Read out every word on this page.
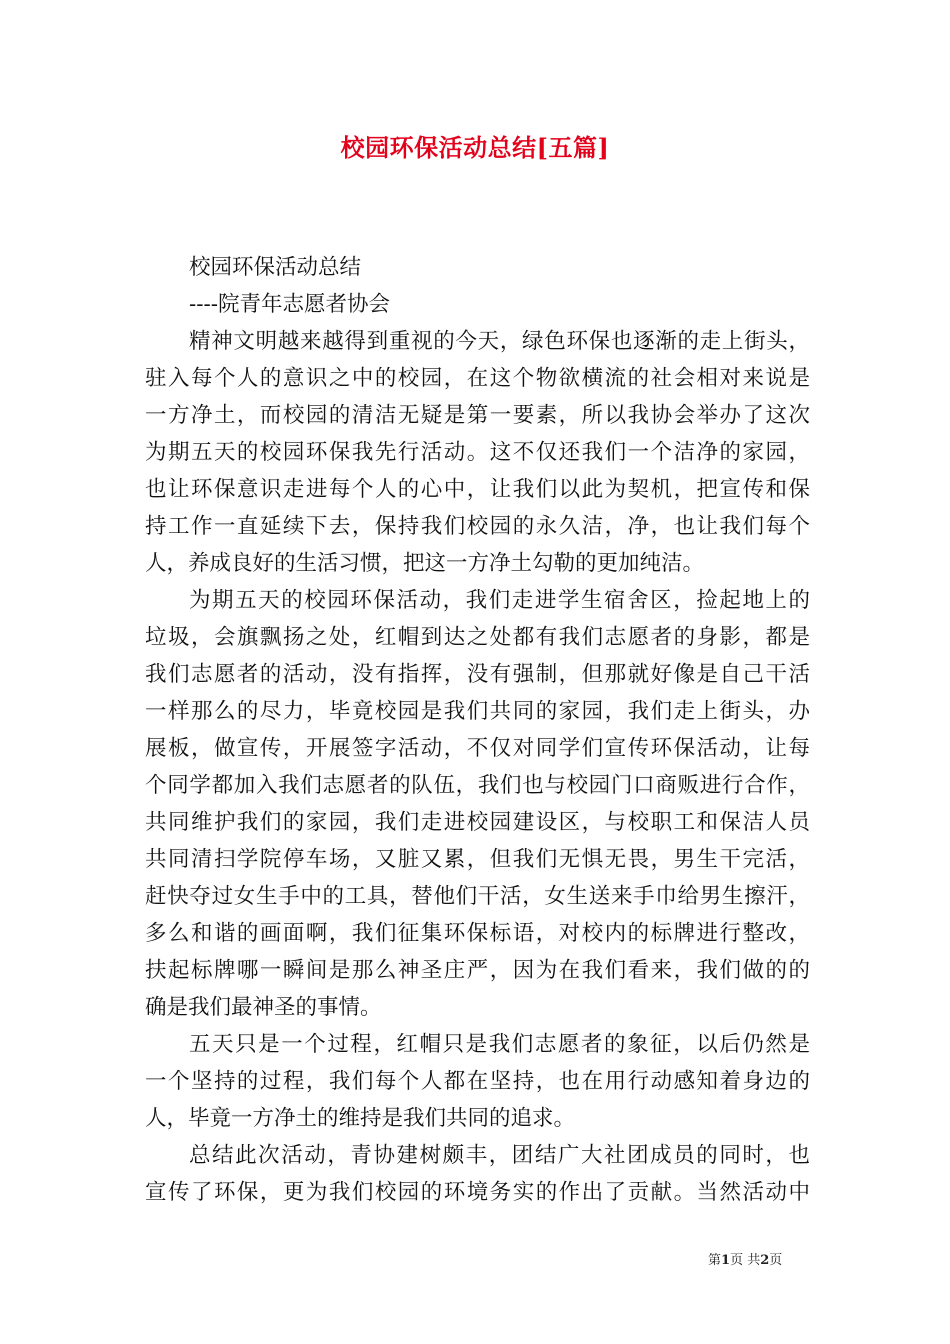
校园环保活动总结[五篇]
校园环保活动总结
----院青年志愿者协会
精神文明越来越得到重视的今天，绿色环保也逐渐的走上街头，
驻入每个人的意识之中的校园，在这个物欲横流的社会相对来说是
一方净土，而校园的清洁无疑是第一要素，所以我协会举办了这次
为期五天的校园环保我先行活动。这不仅还我们一个洁净的家园，
也让环保意识走进每个人的心中，让我们以此为契机，把宣传和保
持工作一直延续下去，保持我们校园的永久洁，净，也让我们每个
人，养成良好的生活习惯，把这一方净土勾勒的更加纯洁。
为期五天的校园环保活动，我们走进学生宿舍区，捡起地上的
垃圾，会旗飘扬之处，红帽到达之处都有我们志愿者的身影，都是
我们志愿者的活动，没有指挥，没有强制，但那就好像是自己干活
一样那么的尽力，毕竟校园是我们共同的家园，我们走上街头，办
展板，做宣传，开展签字活动，不仅对同学们宣传环保活动，让每
个同学都加入我们志愿者的队伍，我们也与校园门口商贩进行合作，
共同维护我们的家园，我们走进校园建设区，与校职工和保洁人员
共同清扫学院停车场，又脏又累，但我们无惧无畏，男生干完活，
赶快夺过女生手中的工具，替他们干活，女生送来手巾给男生擦汗，
多么和谐的画面啊，我们征集环保标语，对校内的标牌进行整改，
扶起标牌哪一瞬间是那么神圣庄严，因为在我们看来，我们做的的
确是我们最神圣的事情。
五天只是一个过程，红帽只是我们志愿者的象征，以后仍然是
一个坚持的过程，我们每个人都在坚持，也在用行动感知着身边的
人，毕竟一方净土的维持是我们共同的追求。
总结此次活动，青协建树颇丰，团结广大社团成员的同时，也
宣传了环保，更为我们校园的环境务实的作出了贡献。当然活动中
第1页 共2页
